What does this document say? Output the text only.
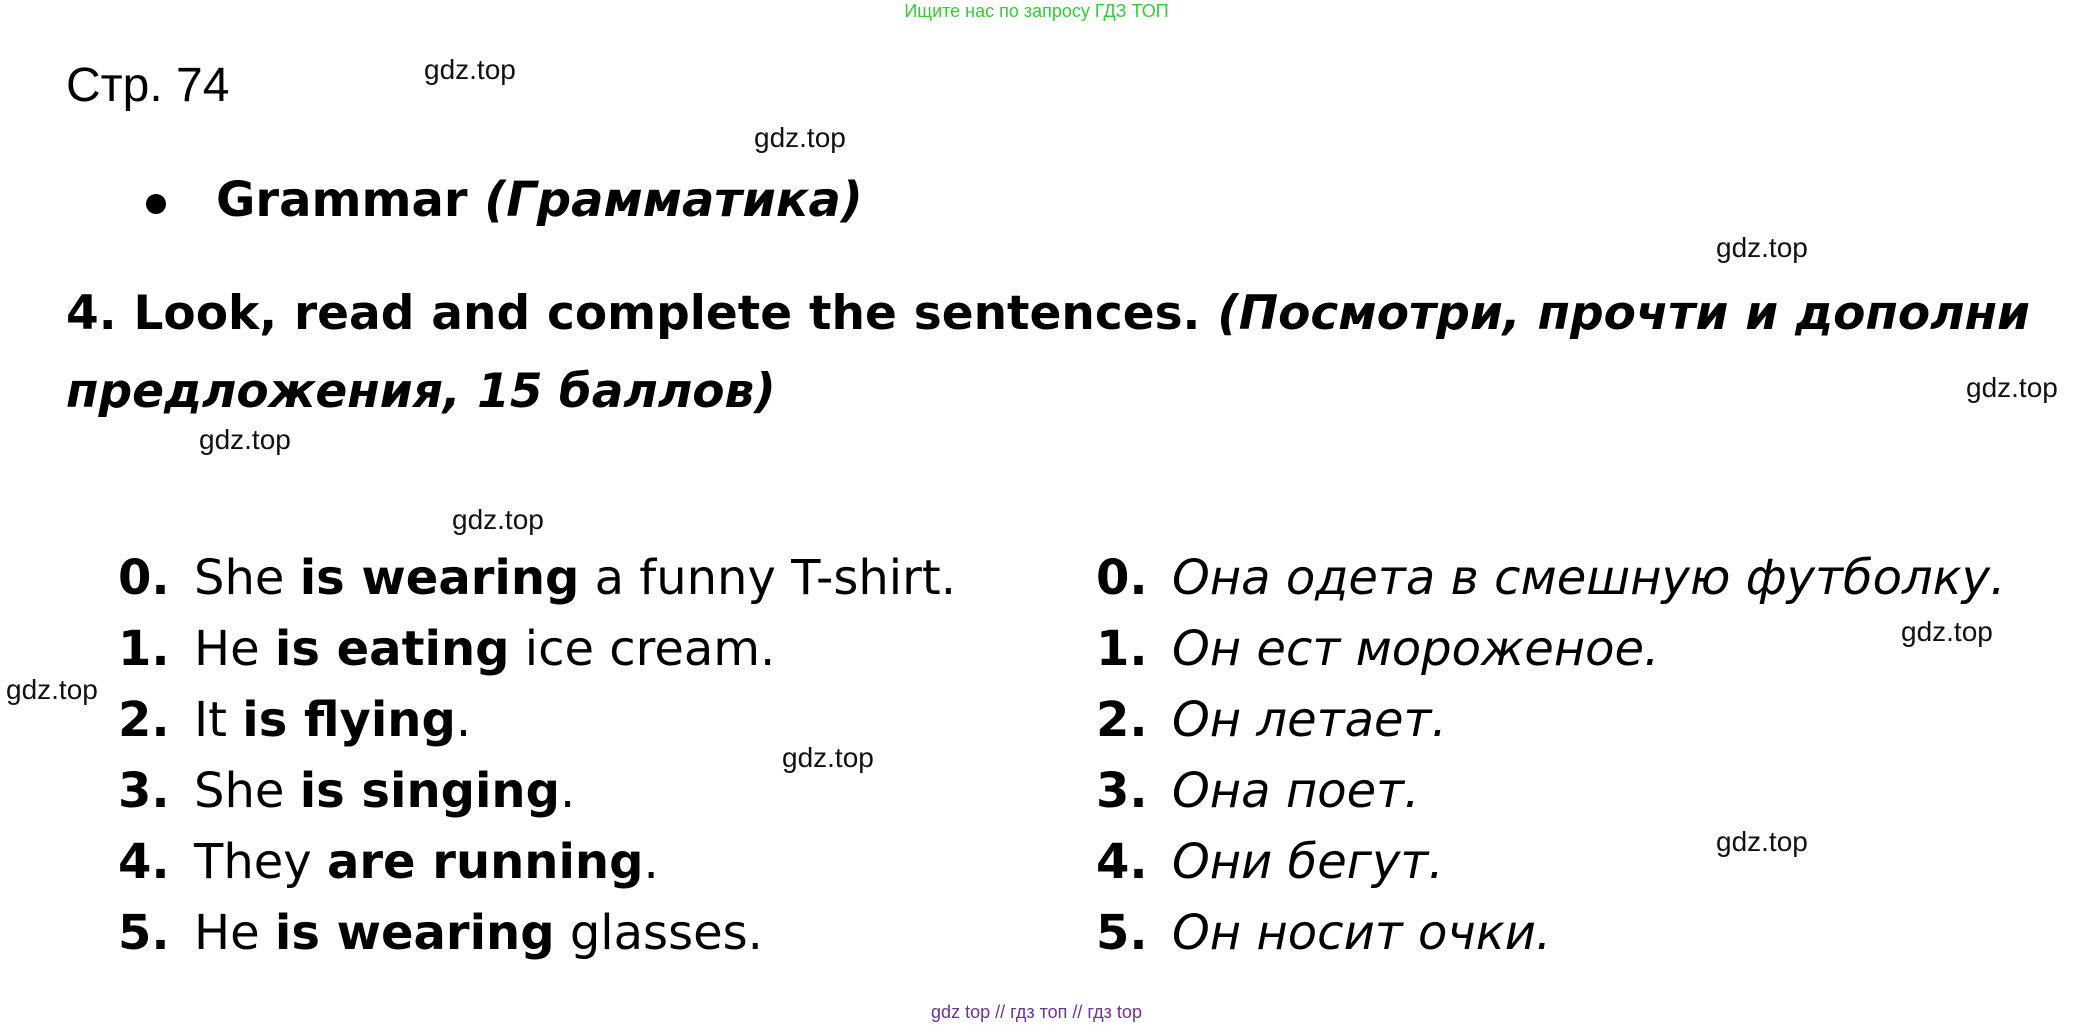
Ищите нас по запросу ГДЗ ТОП
Стр. 74
Grammar (Грамматика)
4. Look, read and complete the sentences. (Посмотри, прочти и дополни
предложения, 15 баллов)
gdz.top
gdz.top
gdz.top
gdz.top
gdz.top
gdz.top
gdz.top
gdz.top
gdz.top
gdz.top
0. She is wearing a funny T-shirt.
1. He is eating ice cream.
2. It is flying.
3. She is singing.
4. They are running.
5. He is wearing glasses.
0. Она одета в смешную футболку.
1. Он ест мороженое.
2. Он летает.
3. Она поет.
4. Они бегут.
5. Он носит очки.
gdz top // гдз топ // гдз top
